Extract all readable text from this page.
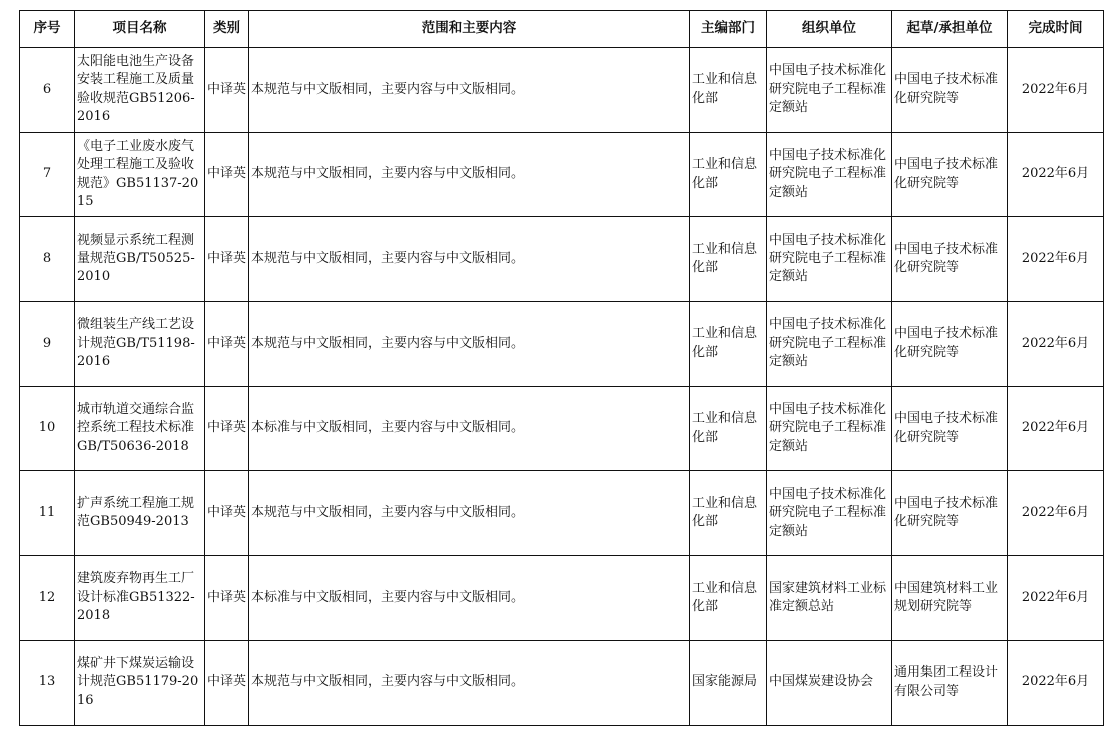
序号	项目名称	类别	范围和主要内容	主编部门	组织单位	起草/承担单位	完成时间
6	太阳能电池生产设备安装工程施工及质量验收规范GB51206-2016	中译英	本规范与中文版相同，主要内容与中文版相同。	工业和信息化部	中国电子技术标准化研究院电子工程标准定额站	中国电子技术标准化研究院等	2022年6月
7	《电子工业废水废气处理工程施工及验收规范》GB51137-2015	中译英	本规范与中文版相同，主要内容与中文版相同。	工业和信息化部	中国电子技术标准化研究院电子工程标准定额站	中国电子技术标准化研究院等	2022年6月
8	视频显示系统工程测量规范GB/T50525-2010	中译英	本规范与中文版相同，主要内容与中文版相同。	工业和信息化部	中国电子技术标准化研究院电子工程标准定额站	中国电子技术标准化研究院等	2022年6月
9	微组装生产线工艺设计规范GB/T51198-2016	中译英	本规范与中文版相同，主要内容与中文版相同。	工业和信息化部	中国电子技术标准化研究院电子工程标准定额站	中国电子技术标准化研究院等	2022年6月
10	城市轨道交通综合监控系统工程技术标准GB/T50636-2018	中译英	本标准与中文版相同，主要内容与中文版相同。	工业和信息化部	中国电子技术标准化研究院电子工程标准定额站	中国电子技术标准化研究院等	2022年6月
11	扩声系统工程施工规范GB50949-2013	中译英	本规范与中文版相同，主要内容与中文版相同。	工业和信息化部	中国电子技术标准化研究院电子工程标准定额站	中国电子技术标准化研究院等	2022年6月
12	建筑废弃物再生工厂设计标准GB51322-2018	中译英	本标准与中文版相同，主要内容与中文版相同。	工业和信息化部	国家建筑材料工业标准定额总站	中国建筑材料工业规划研究院等	2022年6月
13	煤矿井下煤炭运输设计规范GB51179-2016	中译英	本规范与中文版相同，主要内容与中文版相同。	国家能源局	中国煤炭建设协会	通用集团工程设计有限公司等	2022年6月
